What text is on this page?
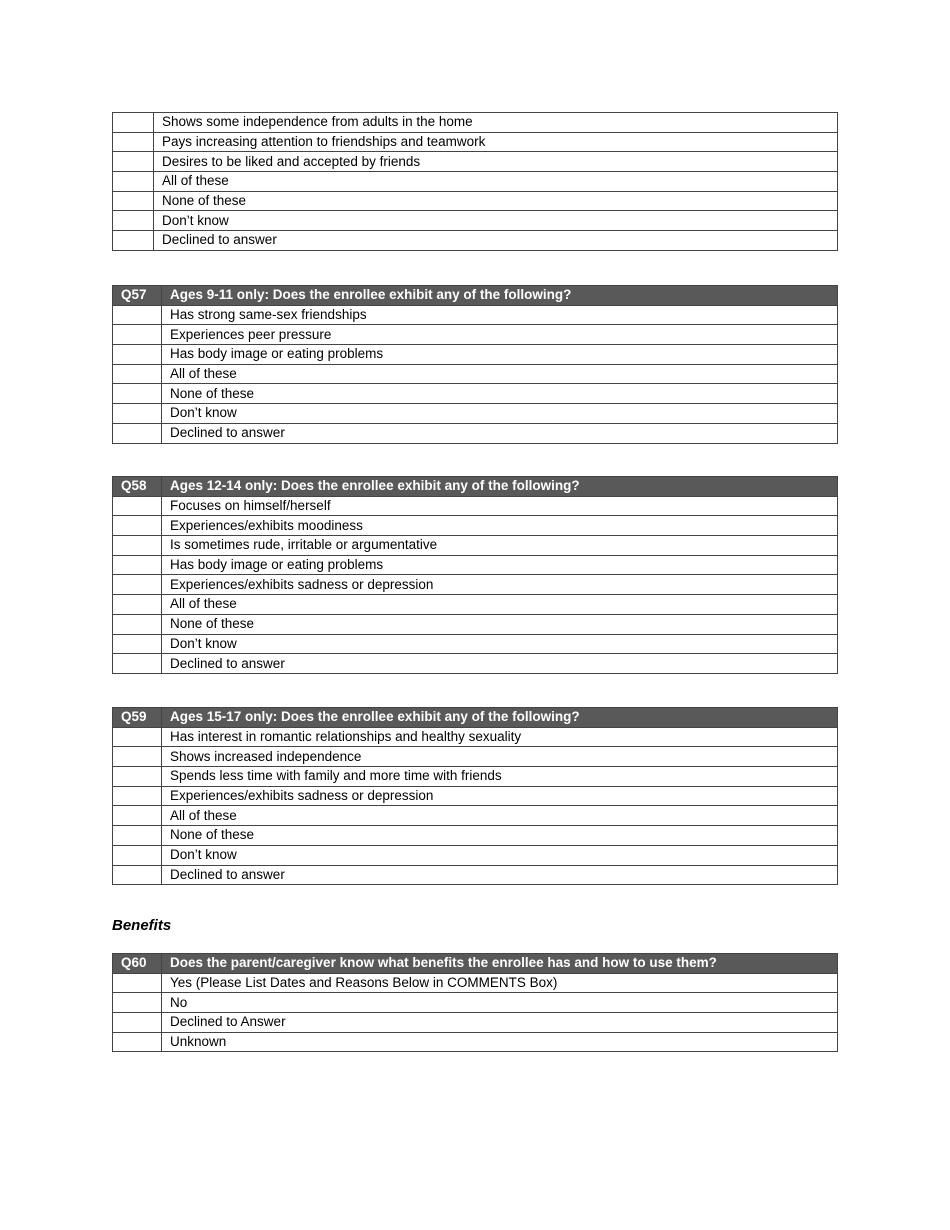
	Shows some independence from adults in the home
	Pays increasing attention to friendships and teamwork
	Desires to be liked and accepted by friends
	All of these
	None of these
	Don’t know
	Declined to answer
Q57	Ages 9-11 only: Does the enrollee exhibit any of the following?
	Has strong same-sex friendships
	Experiences peer pressure
	Has body image or eating problems
	All of these
	None of these
	Don’t know
	Declined to answer
Q58	Ages 12-14 only: Does the enrollee exhibit any of the following?
	Focuses on himself/herself
	Experiences/exhibits moodiness
	Is sometimes rude, irritable or argumentative
	Has body image or eating problems
	Experiences/exhibits sadness or depression
	All of these
	None of these
	Don’t know
	Declined to answer
Q59	Ages 15-17 only: Does the enrollee exhibit any of the following?
	Has interest in romantic relationships and healthy sexuality
	Shows increased independence
	Spends less time with family and more time with friends
	Experiences/exhibits sadness or depression
	All of these
	None of these
	Don’t know
	Declined to answer
Benefits
Q60	Does the parent/caregiver know what benefits the enrollee has and how to use them?
	Yes (Please List Dates and Reasons Below in COMMENTS Box)
	No
	Declined to Answer
	Unknown
